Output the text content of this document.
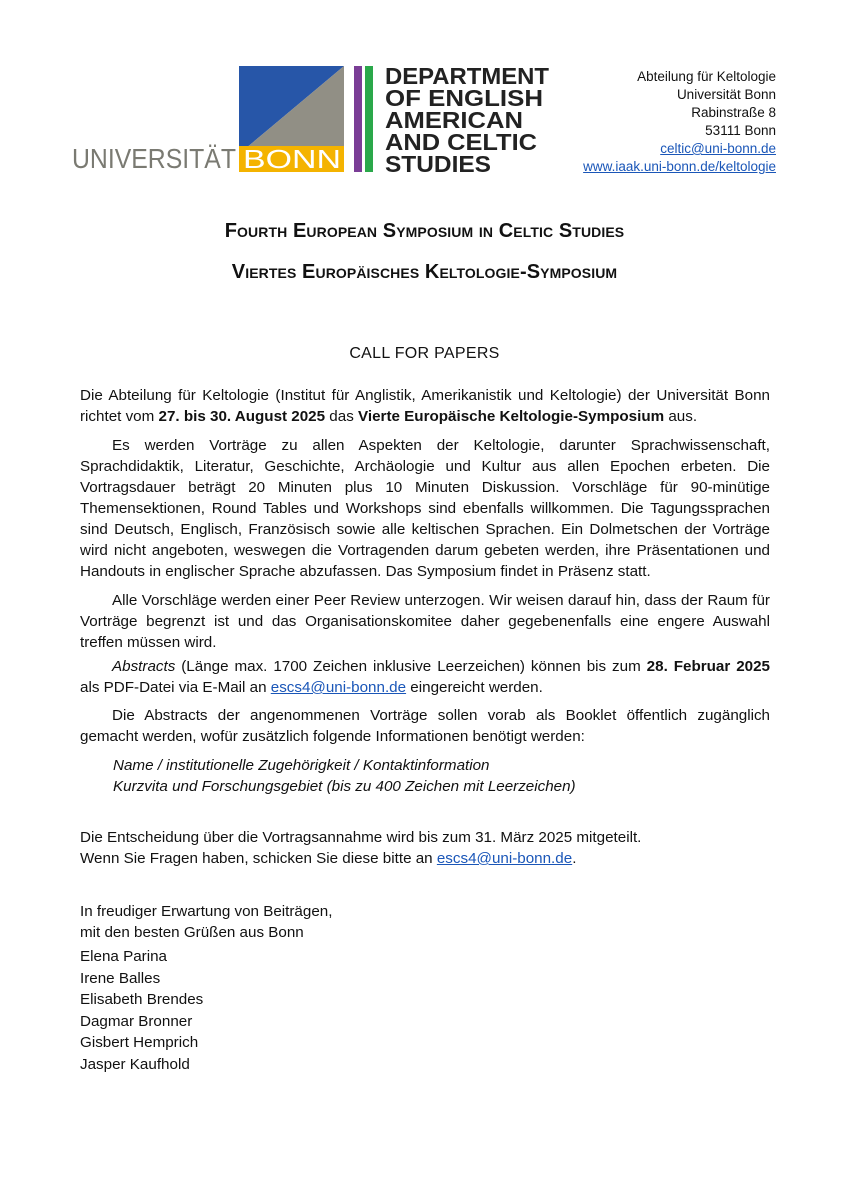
UNIVERSITÄT BONN
DEPARTMENT
OF ENGLISH
AMERICAN
AND CELTIC
STUDIES
Abteilung für Keltologie
Universität Bonn
Rabinstraße 8
53111 Bonn
celtic@uni-bonn.de
www.iaak.uni-bonn.de/keltologie
Fourth European Symposium in Celtic Studies
Viertes Europäisches Keltologie-Symposium
CALL FOR PAPERS

Die Abteilung für Keltologie (Institut für Anglistik, Amerikanistik und Keltologie) der Universität Bonn richtet vom 27. bis 30. August 2025 das Vierte Europäische Keltologie-Symposium aus.

Es werden Vorträge zu allen Aspekten der Keltologie, darunter Sprachwissenschaft, Sprachdidaktik, Literatur, Geschichte, Archäologie und Kultur aus allen Epochen erbeten. Die Vortragsdauer beträgt 20 Minuten plus 10 Minuten Diskussion. Vorschläge für 90-minütige Themensektionen, Round Tables und Workshops sind ebenfalls willkommen. Die Tagungssprachen sind Deutsch, Englisch, Französisch sowie alle keltischen Sprachen. Ein Dolmetschen der Vorträge wird nicht angeboten, weswegen die Vortragenden darum gebeten werden, ihre Präsentationen und Handouts in englischer Sprache abzufassen. Das Symposium findet in Präsenz statt.

Alle Vorschläge werden einer Peer Review unterzogen. Wir weisen darauf hin, dass der Raum für Vorträge begrenzt ist und das Organisationskomitee daher gegebenenfalls eine engere Auswahl treffen müssen wird.

Abstracts (Länge max. 1700 Zeichen inklusive Leerzeichen) können bis zum 28. Februar 2025 als PDF-Datei via E-Mail an escs4@uni-bonn.de eingereicht werden.

Die Abstracts der angenommenen Vorträge sollen vorab als Booklet öffentlich zugänglich gemacht werden, wofür zusätzlich folgende Informationen benötigt werden:

Name / institutionelle Zugehörigkeit / Kontaktinformation
Kurzvita und Forschungsgebiet (bis zu 400 Zeichen mit Leerzeichen)
Die Entscheidung über die Vortragsannahme wird bis zum 31. März 2025 mitgeteilt.
Wenn Sie Fragen haben, schicken Sie diese bitte an escs4@uni-bonn.de.
In freudiger Erwartung von Beiträgen,
mit den besten Grüßen aus Bonn
Elena Parina
Irene Balles
Elisabeth Brendes
Dagmar Bronner
Gisbert Hemprich
Jasper Kaufhold
